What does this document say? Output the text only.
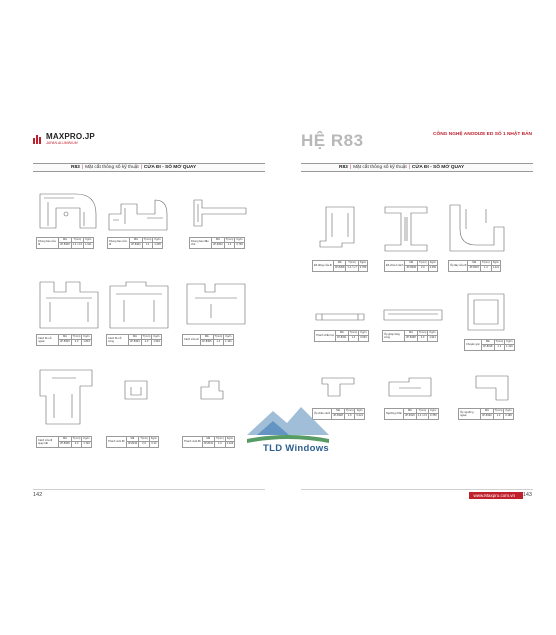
MAXPRO.JP
JAPAN ALUMINIUM
R83 | Mặt cắt thông số kỹ thuật | CỬA ĐI - SỐ MỞ QUAY
Khung bao cửa đi	Mã	T(mm)	Kg/m
	JP-8300	1.4 / 2.0	1.621
Khung bao cửa đi	Mã	T(mm)	Kg/m
	JP-8301	1.4	1.235
Khung bao đầu chờ	Mã	T(mm)	Kg/m
	JP-8302	1.4	0.766
Cánh đi mở ngoài	Mã	T(mm)	Kg/m
	JP-8303	2.0	1.834
Cánh đi mở trong	Mã	T(mm)	Kg/m
	JP-8304	2.0	1.904
Cánh cửa sổ	Mã	T(mm)	Kg/m
	JP-8305	1.4	1.101
Cánh cửa đi quay hất	Mã	T(mm)	Kg/m
	JP-8306	2.0	1.746
Thanh nuôi đố	Mã	T(mm)	Kg/m
	JP-8310	2.0	0.14
Thanh nuôi đố	Mã	T(mm)	Kg/m
	JP-8311	1.0	0.106
142
HỆ R83	CÔNG NGHỆ ANODIZE ED SỐ 1 NHẬT BẢN
R83 | Mặt cắt thông số kỹ thuật | CỬA ĐI - SỐ MỞ QUAY
Đố động cửa đi	Mã	T(mm)	Kg/m
	JP-8308	1.4 / 1.7	0.780
Đố chia 2 cánh	Mã	T(mm)	Kg/m
	JP-8309	2.0	2.050
Ốp đáy cửa đi	Mã	T(mm)	Kg/m
	JP-8307	1.4	1.421
Thanh chắn bụi	Mã	T(mm)	Kg/m
	JP-8321	1.4	0.063
Ốp ghép tăng cứng	Mã	T(mm)	Kg/m
	JP-8338	2.0	1.941
Chuyển góc	Mã	T(mm)	Kg/m
	JP-8318	1.4	1.416
Ốp chân cánh	Mã	T(mm)	Kg/m
	JP-8328	1.0	0.421
Ngưỡng chắn	Mã	T(mm)	Kg/m
	JP-8319	1.4 / 2.0	0.780
Ốp ngưỡng ngoại	Mã	T(mm)	Kg/m
	JP-8320	1.2	0.180
www.Maxpro.com.vn	143
TLD Windows
